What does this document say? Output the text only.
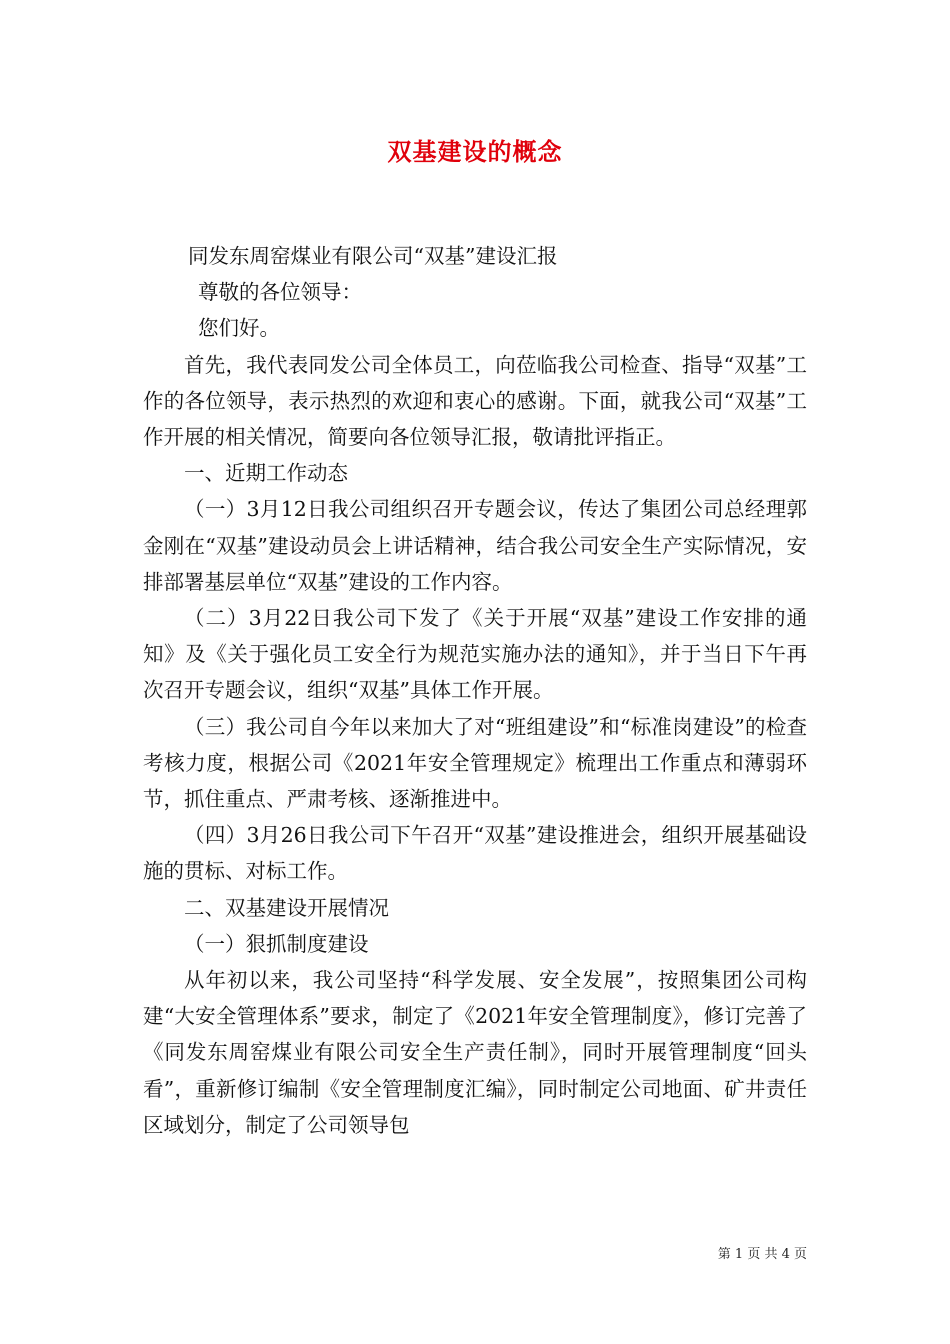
双基建设的概念

同发东周窑煤业有限公司“双基”建设汇报

尊敬的各位领导：

您们好。

首先，我代表同发公司全体员工，向莅临我公司检查、指导“双基”工作的各位领导，表示热烈的欢迎和衷心的感谢。下面，就我公司“双基”工作开展的相关情况，简要向各位领导汇报，敬请批评指正。

一、近期工作动态

（一）3月12日我公司组织召开专题会议，传达了集团公司总经理郭金刚在“双基”建设动员会上讲话精神，结合我公司安全生产实际情况，安排部署基层单位“双基”建设的工作内容。

（二）3月22日我公司下发了《关于开展“双基”建设工作安排的通知》及《关于强化员工安全行为规范实施办法的通知》，并于当日下午再次召开专题会议，组织“双基”具体工作开展。

（三）我公司自今年以来加大了对“班组建设”和“标准岗建设”的检查考核力度，根据公司《2021年安全管理规定》梳理出工作重点和薄弱环节，抓住重点、严肃考核、逐渐推进中。

（四）3月26日我公司下午召开“双基”建设推进会，组织开展基础设施的贯标、对标工作。

二、双基建设开展情况

（一）狠抓制度建设

从年初以来，我公司坚持“科学发展、安全发展”，按照集团公司构建“大安全管理体系”要求，制定了《2021年安全管理制度》，修订完善了《同发东周窑煤业有限公司安全生产责任制》，同时开展管理制度“回头看”，重新修订编制《安全管理制度汇编》，同时制定公司地面、矿井责任区域划分，制定了公司领导包

第 1 页 共 4 页
